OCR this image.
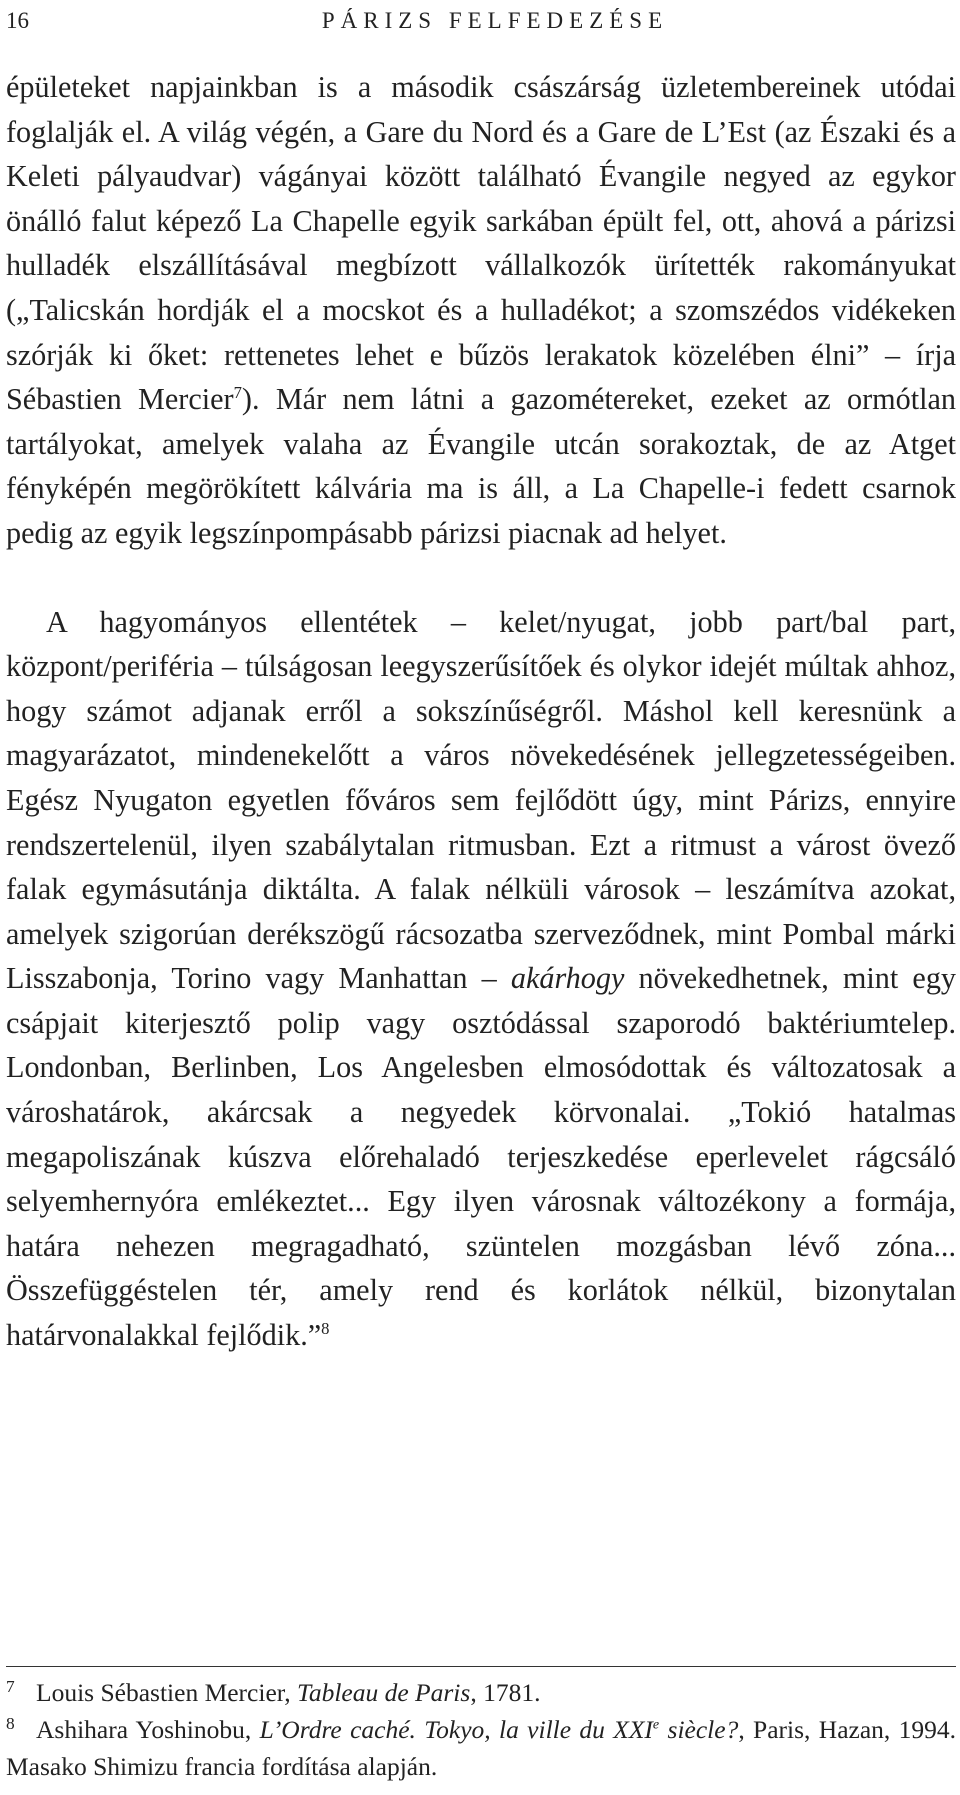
16	PÁRIZS FELFEDEZÉSE

épületeket napjainkban is a második császárság üzletembereinek utódai foglalják el. A világ végén, a Gare du Nord és a Gare de L’Est (az Északi és a Keleti pályaudvar) vágányai között található Évangile negyed az egykor önálló falut képező La Chapelle egyik sarkában épült fel, ott, ahová a párizsi hulladék elszállításával megbízott vállalkozók ürítették rakományukat („Talicskán hordják el a mocskot és a hulladékot; a szomszédos vidékeken szórják ki őket: rettenetes lehet e bűzös lerakatok közelében élni” – írja Sébastien Mercier$^7$). Már nem látni a gazométereket, ezeket az ormótlan tartályokat, amelyek valaha az Évangile utcán sorakoztak, de az Atget fényképén megörökített kálvária ma is áll, a La Chapelle-i fedett csarnok pedig az egyik legszínpompásabb párizsi piacnak ad helyet.

A hagyományos ellentétek – kelet/nyugat, jobb part/bal part, központ/periféria – túlságosan leegyszerűsítőek és olykor idejét múltak ahhoz, hogy számot adjanak erről a sokszínűségről. Máshol kell keresnünk a magyarázatot, mindenekelőtt a város növekedésének jellegzetességeiben. Egész Nyugaton egyetlen főváros sem fejlődött úgy, mint Párizs, ennyire rendszertelenül, ilyen szabálytalan ritmusban. Ezt a ritmust a várost övező falak egymásutánja diktálta. A falak nélküli városok – leszámítva azokat, amelyek szigorúan derékszögű rácsozatba szerveződnek, mint Pombal márki Lisszabonja, Torino vagy Manhattan – akárhogy növekedhetnek, mint egy csápjait kiterjesztő polip vagy osztódással szaporodó baktériumtelep. Londonban, Berlinben, Los Angelesben elmosódottak és változatosak a városhatárok, akárcsak a negyedek körvonalai. „Tokió hatalmas megapoliszának kúszva előrehaladó terjeszkedése eperlevelet rágcsáló selyemhernyóra emlékeztet... Egy ilyen városnak változékony a formája, határa nehezen megragadható, szüntelen mozgásban lévő zóna... Összefüggéstelen tér, amely rend és korlátok nélkül, bizonytalan határvonalakkal fejlődik.”$^8$

7 Louis Sébastien Mercier, Tableau de Paris, 1781.

8 Ashihara Yoshinobu, L’Ordre caché. Tokyo, la ville du XXIe siècle?, Paris, Hazan, 1994. Masako Shimizu francia fordítása alapján.
